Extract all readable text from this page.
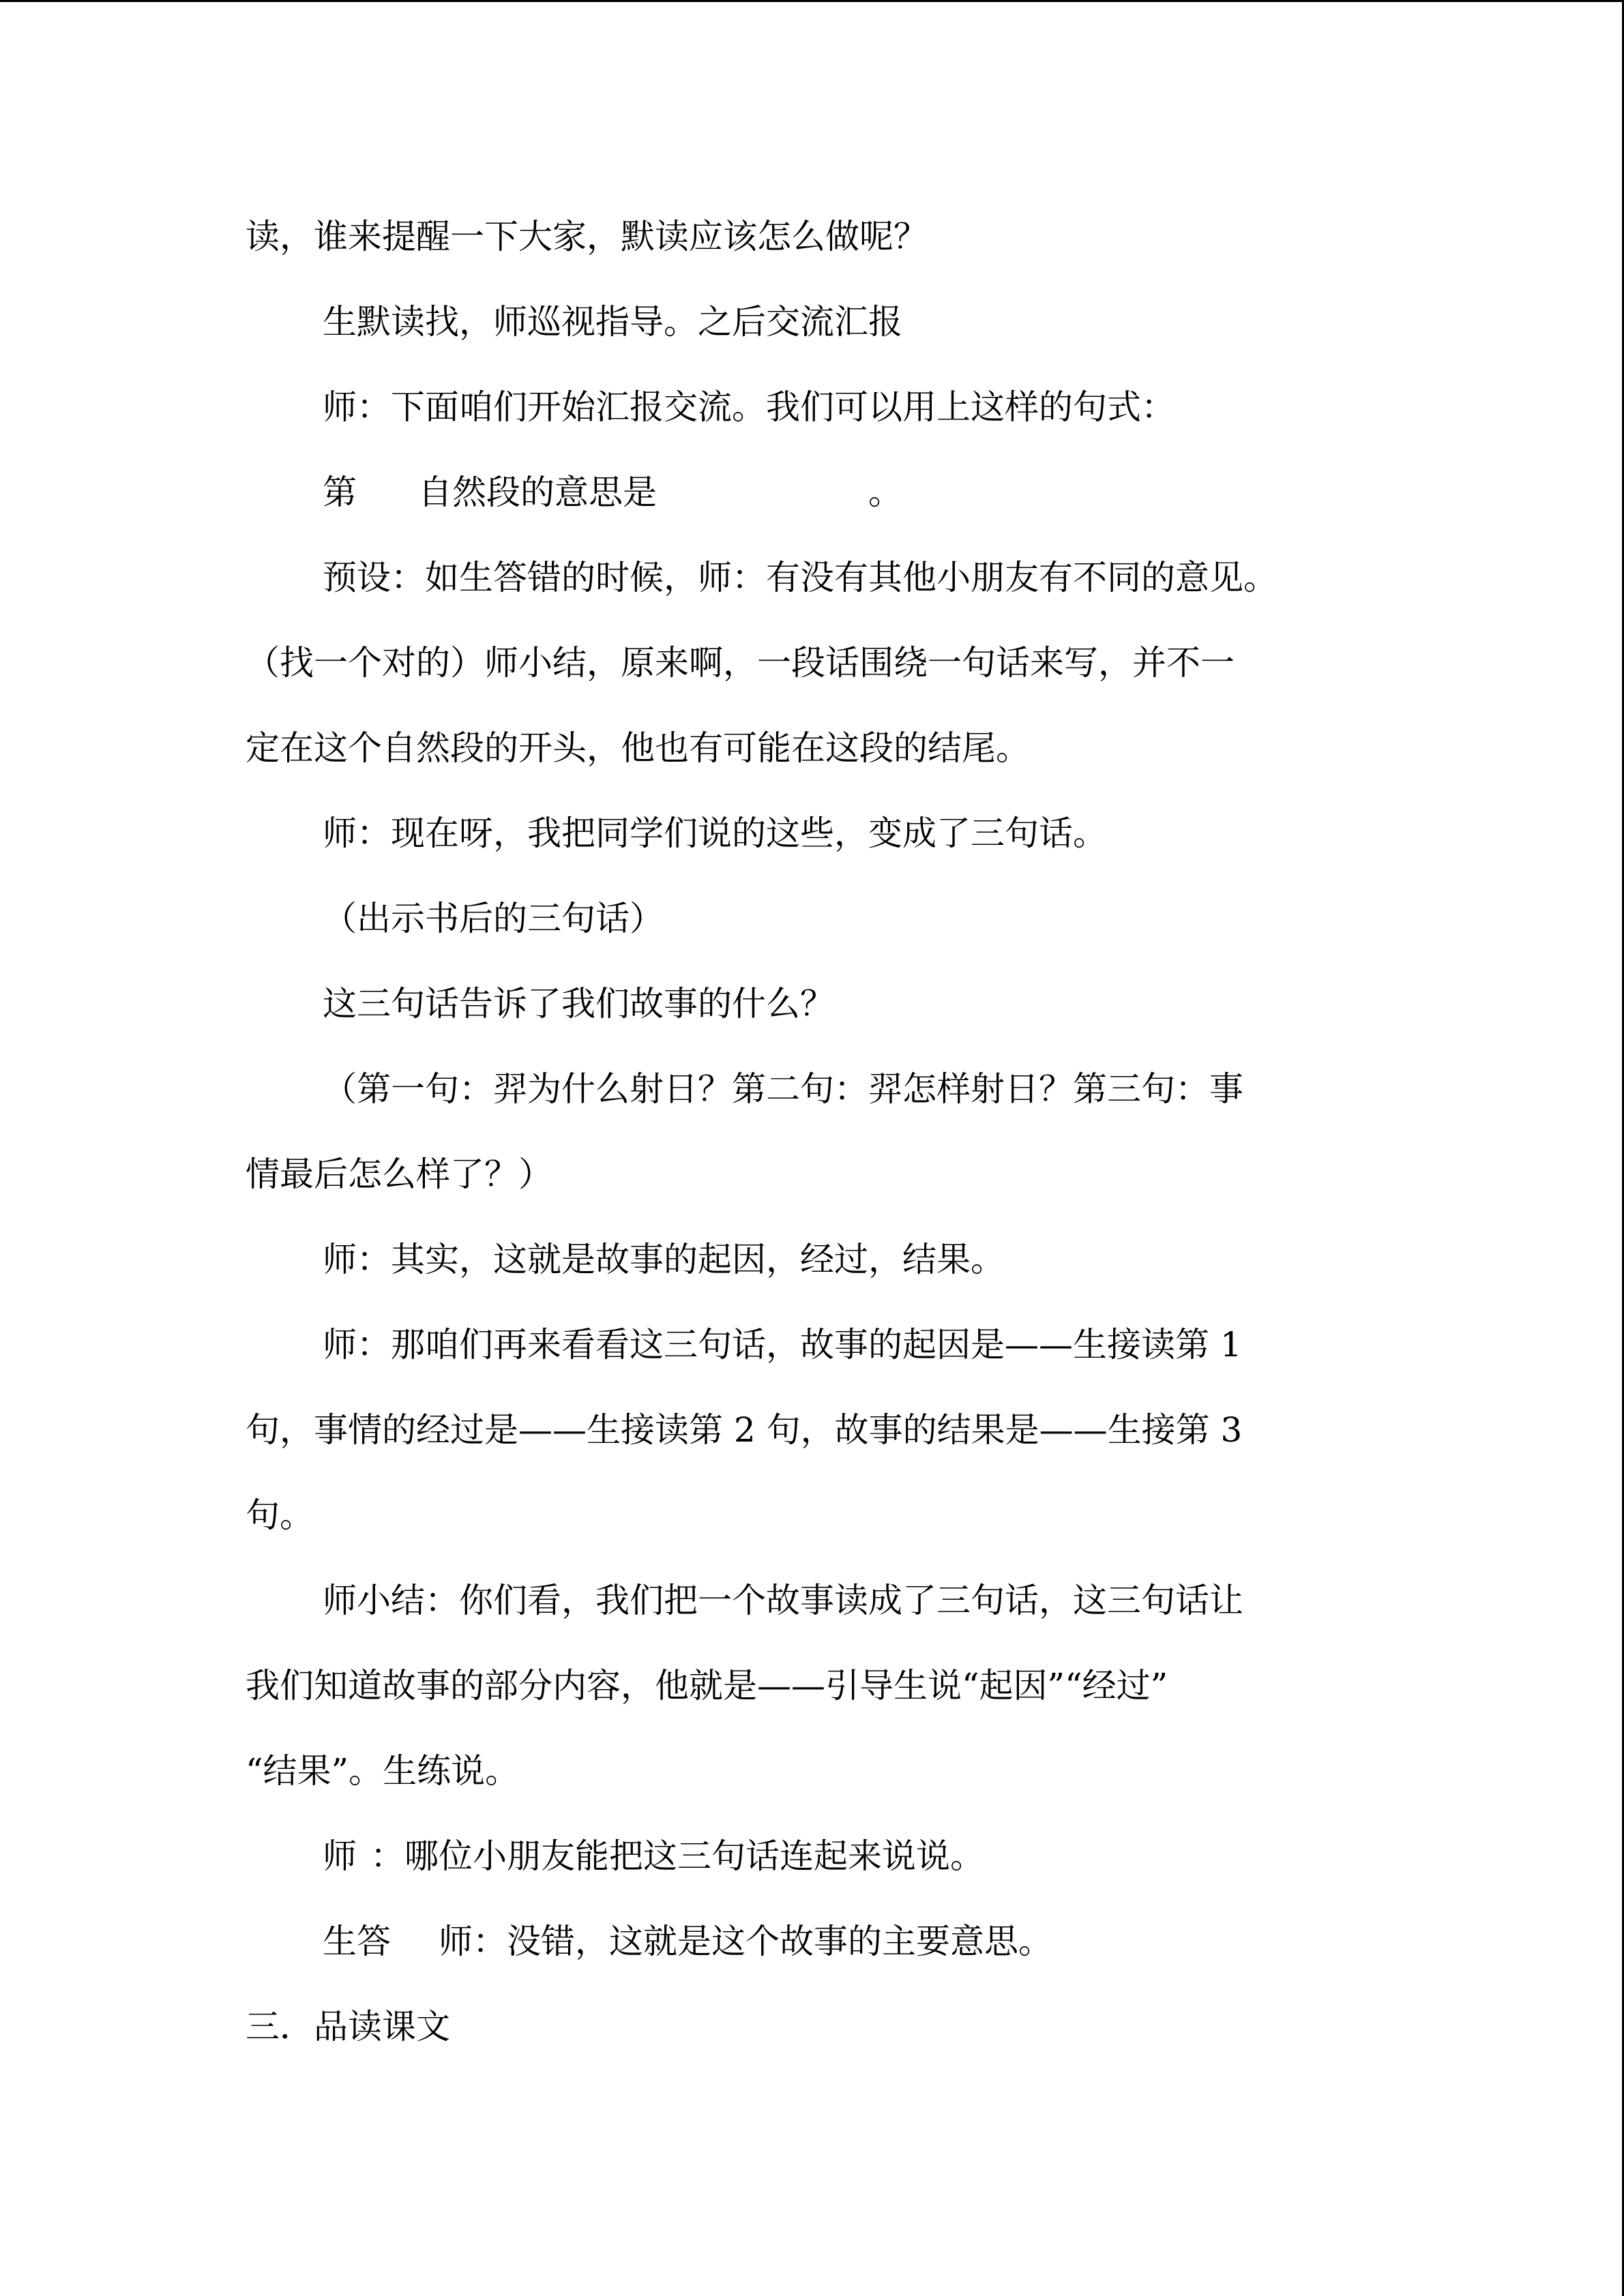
读，谁来提醒一下大家，默读应该怎么做呢？
生默读找，师巡视指导。之后交流汇报
师：下面咱们开始汇报交流。我们可以用上这样的句式：
第 自然段的意思是	。
预设：如生答错的时候，师：有没有其他小朋友有不同的意见。
（找一个对的）师小结，原来啊，一段话围绕一句话来写，并不一
定在这个自然段的开头，他也有可能在这段的结尾。
师：现在呀，我把同学们说的这些，变成了三句话。
（出示书后的三句话）
这三句话告诉了我们故事的什么？
（第一句：羿为什么射日？第二句：羿怎样射日？第三句：事
情最后怎么样了？）
师：其实，这就是故事的起因，经过，结果。
师：那咱们再来看看这三句话，故事的起因是——生接读第 1
句，事情的经过是——生接读第 2 句，故事的结果是——生接第 3
句。
师小结：你们看，我们把一个故事读成了三句话，这三句话让
我们知道故事的部分内容，他就是——引导生说“起因”“经过”
“结果”。生练说。
师 ：哪位小朋友能把这三句话连起来说说。
生答 师：没错，这就是这个故事的主要意思。
三．品读课文
